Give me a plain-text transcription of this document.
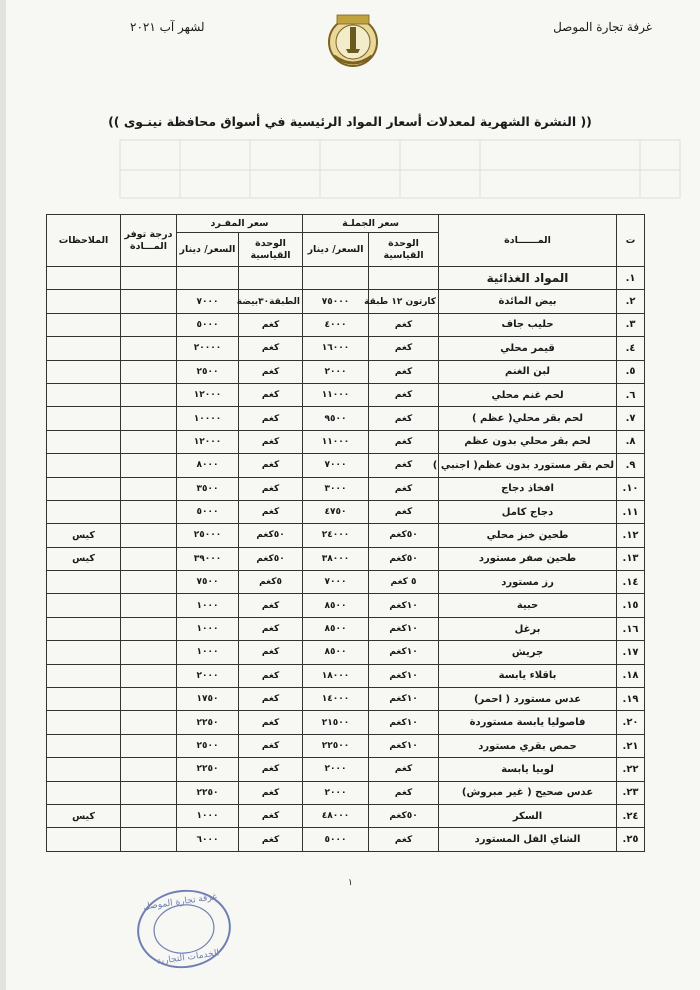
غرفة تجارة الموصل
لشهر آب ٢٠٢١
(( النشرة الشهرية لمعدلات أسعار المواد الرئيسية في أسواق محافظة نينـوى ))
ت	المــــــادة	سعر الجملـة		سعر المفـرد		درجة توفر المـــادة	الملاحظات
		الوحدة القياسية	السعر/ دينار	الوحدة القياسية	السعر/ دينار		
١.	المواد الغذائية						
٢.	بيض المائدة	كارتون ١٢ طبقة	٧٥٠٠٠	الطبقة٣٠بيضة	٧٠٠٠		
٣.	حليب جاف	كغم	٤٠٠٠	كغم	٥٠٠٠		
٤.	قيمر محلي	كغم	١٦٠٠٠	كغم	٢٠٠٠٠		
٥.	لبن الغنم	كغم	٢٠٠٠	كغم	٢٥٠٠		
٦.	لحم غنم محلي	كغم	١١٠٠٠	كغم	١٢٠٠٠		
٧.	لحم بقر محلي( عظم )	كغم	٩٥٠٠	كغم	١٠٠٠٠		
٨.	لحم بقر محلي بدون عظم	كغم	١١٠٠٠	كغم	١٢٠٠٠		
٩.	لحم بقر مستورد بدون عظم( اجنبي )	كغم	٧٠٠٠	كغم	٨٠٠٠		
١٠.	افخاذ دجاج	كغم	٣٠٠٠	كغم	٣٥٠٠		
١١.	دجاج كامل	كغم	٤٧٥٠	كغم	٥٠٠٠		
١٢.	طحين خبز محلي	٥٠كغم	٢٤٠٠٠	٥٠كغم	٢٥٠٠٠		كيس
١٣.	طحين صفر مستورد	٥٠كغم	٣٨٠٠٠	٥٠كغم	٣٩٠٠٠		كيس
١٤.	رز مستورد	٥ كغم	٧٠٠٠	٥كغم	٧٥٠٠		
١٥.	حبية	١٠كغم	٨٥٠٠	كغم	١٠٠٠		
١٦.	برغل	١٠كغم	٨٥٠٠	كغم	١٠٠٠		
١٧.	جريش	١٠كغم	٨٥٠٠	كغم	١٠٠٠		
١٨.	باقلاء يابسة	١٠كغم	١٨٠٠٠	كغم	٢٠٠٠		
١٩.	عدس مستورد ( احمر)	١٠كغم	١٤٠٠٠	كغم	١٧٥٠		
٢٠.	فاصوليا يابسة مستوردة	١٠كغم	٢١٥٠٠	كغم	٢٢٥٠		
٢١.	حمص بقري مستورد	١٠كغم	٢٢٥٠٠	كغم	٢٥٠٠		
٢٢.	لوبيا يابسة	كغم	٢٠٠٠	كغم	٢٢٥٠		
٢٣.	عدس صحيح ( غير مبروش)	كغم	٢٠٠٠	كغم	٢٢٥٠		
٢٤.	السكر	٥٠كغم	٤٨٠٠٠	كغم	١٠٠٠		كيس
٢٥.	الشاي الفل المستورد	كغم	٥٠٠٠	كغم	٦٠٠٠		
١
غرفة تجارة الموصل
الخدمات التجارية
